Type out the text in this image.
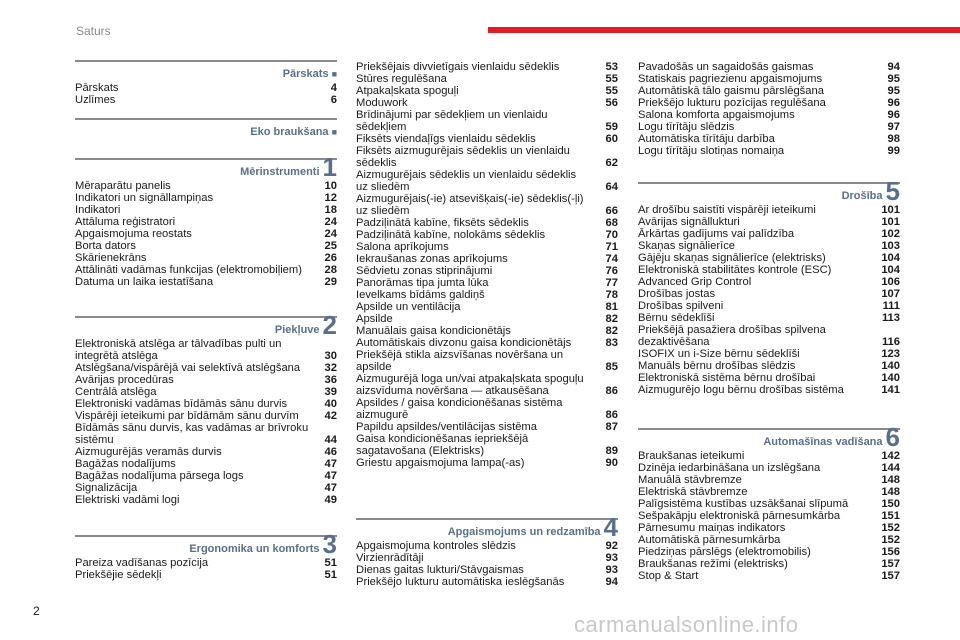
Saturs
Pārskats ■
Pārskats	4
Uzlīmes	6
Eko braukšana ■
Mērinstrumenti 1
Mēraparātu panelis	10
Indikatori un signāllampiņas	12
Indikatori	18
Attāluma reģistratori	24
Apgaismojuma reostats	24
Borta dators	25
Skārienekrāns	26
Attālināti vadāmas funkcijas (elektromobiļiem)	28
Datuma un laika iestatīšana	29
Piekļuve 2
Elektroniskā atslēga ar tālvadības pulti un integrētā atslēga	30
Atslēgšana/vispārējā vai selektīvā atslēgšana	32
Avārijas procedūras	36
Centrālā atslēga	39
Elektroniski vadāmas bīdāmās sānu durvis	40
Vispārēji ieteikumi par bīdāmām sānu durvīm	42
Bīdāmās sānu durvis, kas vadāmas ar brīvroku sistēmu	44
Aizmugurējās veramās durvis	46
Bagāžas nodalījums	47
Bagāžas nodalījuma pārsega logs	47
Signalizācija	47
Elektriski vadāmi logi	49
Ergonomika un komforts 3
Pareiza vadīšanas pozīcija	51
Priekšējie sēdekļi	51
Priekšējais divvietīgais vienlaidu sēdeklis	53
Stūres regulēšana	55
Atpakaļskata spoguļi	55
Moduwork	56
Brīdinājumi par sēdekļiem un vienlaidu sēdekļiem	59
Fiksēts viendaļīgs vienlaidu sēdeklis	60
Fiksēts aizmugurējais sēdeklis un vienlaidu sēdeklis	62
Aizmugurējais sēdeklis un vienlaidu sēdeklis uz sliedēm	64
Aizmugurējais(-ie) atsevišķais(-ie) sēdeklis(-ļi) uz sliedēm	66
Padziļinātā kabīne, fiksēts sēdeklis	68
Padziļinātā kabīne, nolokāms sēdeklis	70
Salona aprīkojums	71
Iekraušanas zonas aprīkojums	74
Sēdvietu zonas stiprinājumi	76
Panorāmas tipa jumta lūka	77
Ievelkams bīdāms galdiņš	78
Apsilde un ventilācija	81
Apsilde	82
Manuālais gaisa kondicionētājs	82
Automātiskais divzonu gaisa kondicionētājs	83
Priekšējā stikla aizsvīšanas novēršana un apsilde	85
Aizmugurējā loga un/vai atpakaļskata spoguļu aizsvīduma novēršana — atkausēšana	86
Apsildes / gaisa kondicionēšanas sistēma aizmugurē	86
Papildu apsildes/ventilācijas sistēma	87
Gaisa kondicionēšanas iepriekšējā sagatavošana (Elektrisks)	89
Griestu apgaismojuma lampa(-as)	90
Apgaismojums un redzamība 4
Apgaismojuma kontroles slēdzis	92
Virzienrādītāji	93
Dienas gaitas lukturi/Stāvgaismas	93
Priekšējo lukturu automātiska ieslēgšanās	94
Pavadošās un sagaidošās gaismas	94
Statiskais pagriezienu apgaismojums	95
Automātiskā tālo gaismu pārslēgšana	95
Priekšējo lukturu pozīcijas regulēšana	96
Salona komforta apgaismojums	96
Logu tīrītāju slēdzis	97
Automātiska tīrītāju darbība	98
Logu tīrītāju slotiņas nomaiņa	99
Drošība 5
Ar drošību saistīti vispārēji ieteikumi	101
Avārijas signāllukturi	101
Ārkārtas gadījums vai palīdzība	102
Skaņas signālierīce	103
Gājēju skaņas signālierīce (elektrisks)	104
Elektroniskā stabilitātes kontrole (ESC)	104
Advanced Grip Control	106
Drošības jostas	107
Drošības spilveni	111
Bērnu sēdeklīši	113
Priekšējā pasažiera drošības spilvena dezaktivēšana	116
ISOFIX un i-Size bērnu sēdeklīši	123
Manuāls bērnu drošības slēdzis	140
Elektroniskā sistēma bērnu drošībai	140
Aizmugurējo logu bērnu drošības sistēma	141
Automašīnas vadīšana 6
Braukšanas ieteikumi	142
Dzinēja iedarbināšana un izslēgšana	144
Manuālā stāvbremze	148
Elektriskā stāvbremze	148
Palīgsistēma kustības uzsākšanai slīpumā	150
Sešpakāpju elektroniskā pārnesumkārba	151
Pārnesumu maiņas indikators	152
Automātiskā pārnesumkārba	152
Piedziņas pārslēgs (elektromobilis)	156
Braukšanas režīmi (elektrisks)	157
Stop & Start	157
2
carmanualsonline.info
